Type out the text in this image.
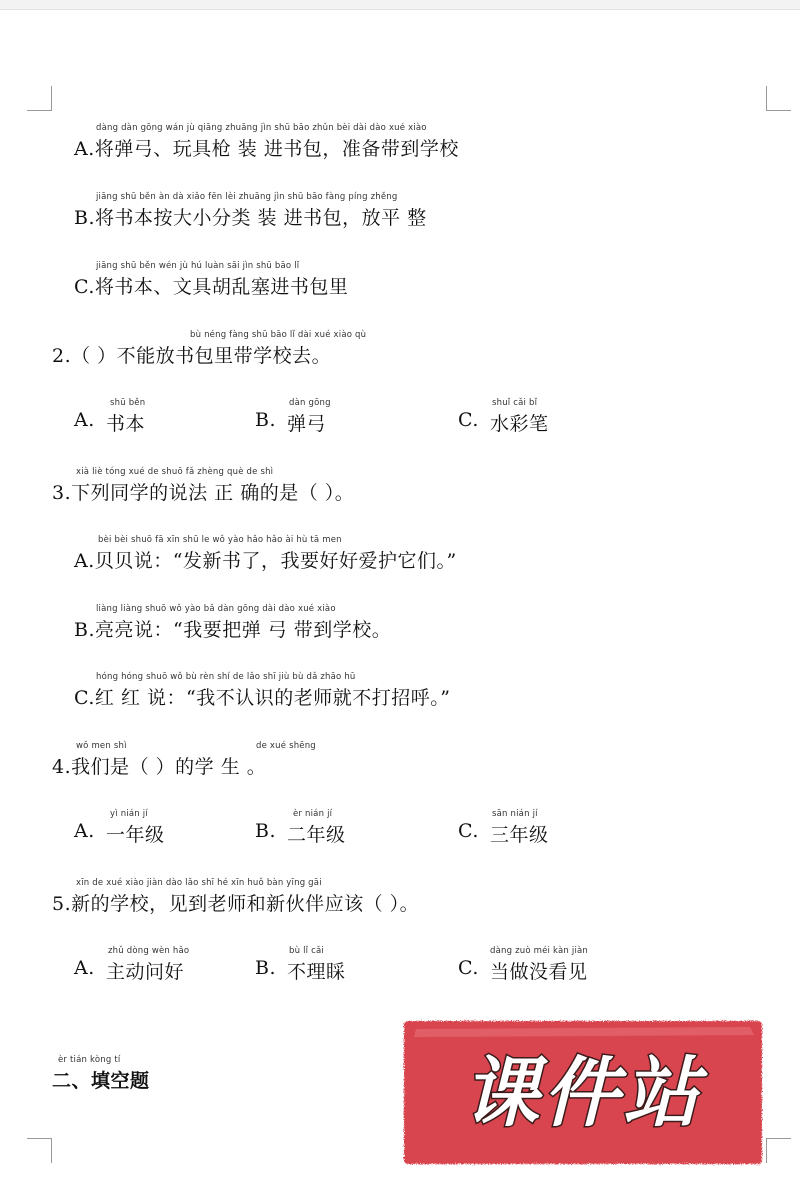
dàng dàn gōng wán jù qiāng zhuāng jìn shū bāo zhǔn bèi dài dào xué xiào
A.将弹弓、玩具枪 装 进书包，准备带到学校
jiāng shū běn àn dà xiǎo fēn lèi zhuāng jìn shū bāo fàng píng zhěng
B.将书本按大小分类 装 进书包，放平 整
jiāng shū běn wén jù hú luàn sāi jìn shū bāo lǐ
C.将书本、文具胡乱塞进书包里
bù néng fàng shū bāo lǐ dài xué xiào qù
2.（ ）不能放书包里带学校去。
A.
shū běn
书本	B.
dàn gōng
弹弓	C.
shuǐ cǎi bǐ
水彩笔
xià liè tóng xué de shuō fǎ zhèng què de shì
3.下列同学的说法 正 确的是（ ）。
bèi bèi shuō fā xīn shū le wǒ yào hǎo hǎo ài hù tā men
A.贝贝说：“发新书了，我要好好爱护它们。”
liàng liàng shuō wǒ yào bǎ dàn gōng dài dào xué xiào
B.亮亮说：“我要把弹 弓 带到学校。
hóng hóng shuō wǒ bù rèn shí de lǎo shī jiù bù dǎ zhāo hū
C.红 红 说：“我不认识的老师就不打招呼。”
wǒ men shì	de xué shēng
4.我们是（ ）的学 生 。
A.
yì nián jí
一年级	B.
èr nián jí
二年级	C.
sān nián jí
三年级
xīn de xué xiào jiàn dào lǎo shī hé xīn huǒ bàn yīng gāi
5.新的学校，见到老师和新伙伴应该（ ）。
A.
zhǔ dòng wèn hǎo
主动问好	B.
bù lǐ cǎi
不理睬	C.
dàng zuò méi kàn jiàn
当做没看见
èr tián kòng tí
二、填空题	课件站
